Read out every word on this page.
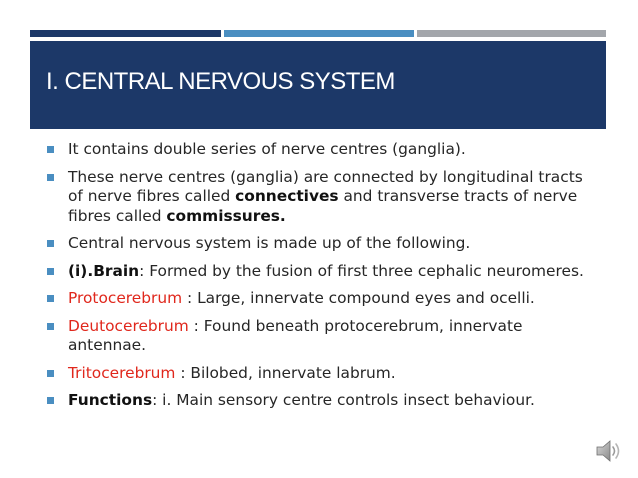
I. CENTRAL NERVOUS SYSTEM
It contains double series of nerve centres (ganglia).
These nerve centres (ganglia) are connected by longitudinal tracts of nerve fibres called connectives and transverse tracts of nerve fibres called commissures.
Central nervous system is made up of the following.
(i).Brain: Formed by the fusion of first three cephalic neuromeres.
Protocerebrum : Large, innervate compound eyes and ocelli.
Deutocerebrum : Found beneath protocerebrum, innervate antennae.
Tritocerebrum : Bilobed, innervate labrum.
Functions: i. Main sensory centre controls insect behaviour.
